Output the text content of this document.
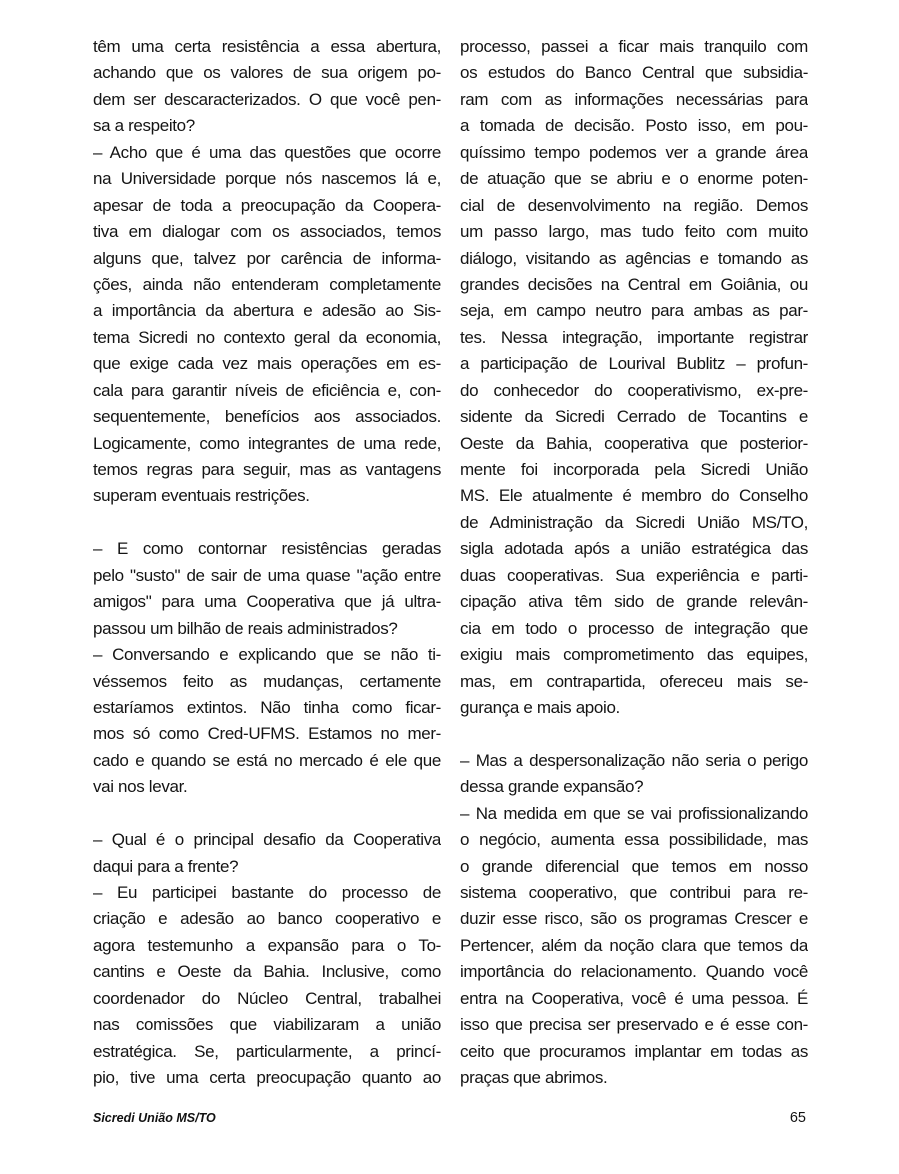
têm uma certa resistência a essa abertura,
achando que os valores de sua origem po-
dem ser descaracterizados. O que você pen-
sa a respeito?
– Acho que é uma das questões que ocorre
na Universidade porque nós nascemos lá e,
apesar de toda a preocupação da Coopera-
tiva em dialogar com os associados, temos
alguns que, talvez por carência de informa-
ções, ainda não entenderam completamente
a importância da abertura e adesão ao Sis-
tema Sicredi no contexto geral da economia,
que exige cada vez mais operações em es-
cala para garantir níveis de eficiência e, con-
sequentemente, benefícios aos associados.
Logicamente, como integrantes de uma rede,
temos regras para seguir, mas as vantagens
superam eventuais restrições.
– E como contornar resistências geradas
pelo "susto" de sair de uma quase "ação entre
amigos" para uma Cooperativa que já ultra-
passou um bilhão de reais administrados?
– Conversando e explicando que se não ti-
véssemos feito as mudanças, certamente
estaríamos extintos. Não tinha como ficar-
mos só como Cred-UFMS. Estamos no mer-
cado e quando se está no mercado é ele que
vai nos levar.
– Qual é o principal desafio da Cooperativa
daqui para a frente?
– Eu participei bastante do processo de
criação e adesão ao banco cooperativo e
agora testemunho a expansão para o To-
cantins e Oeste da Bahia. Inclusive, como
coordenador do Núcleo Central, trabalhei
nas comissões que viabilizaram a união
estratégica. Se, particularmente, a princí-
pio, tive uma certa preocupação quanto ao
processo, passei a ficar mais tranquilo com
os estudos do Banco Central que subsidia-
ram com as informações necessárias para
a tomada de decisão. Posto isso, em pou-
quíssimo tempo podemos ver a grande área
de atuação que se abriu e o enorme poten-
cial de desenvolvimento na região. Demos
um passo largo, mas tudo feito com muito
diálogo, visitando as agências e tomando as
grandes decisões na Central em Goiânia, ou
seja, em campo neutro para ambas as par-
tes. Nessa integração, importante registrar
a participação de Lourival Bublitz – profun-
do conhecedor do cooperativismo, ex-pre-
sidente da Sicredi Cerrado de Tocantins e
Oeste da Bahia, cooperativa que posterior-
mente foi incorporada pela Sicredi União
MS. Ele atualmente é membro do Conselho
de Administração da Sicredi União MS/TO,
sigla adotada após a união estratégica das
duas cooperativas. Sua experiência e parti-
cipação ativa têm sido de grande relevân-
cia em todo o processo de integração que
exigiu mais comprometimento das equipes,
mas, em contrapartida, ofereceu mais se-
gurança e mais apoio.
– Mas a despersonalização não seria o perigo
dessa grande expansão?
– Na medida em que se vai profissionalizando
o negócio, aumenta essa possibilidade, mas
o grande diferencial que temos em nosso
sistema cooperativo, que contribui para re-
duzir esse risco, são os programas Crescer e
Pertencer, além da noção clara que temos da
importância do relacionamento. Quando você
entra na Cooperativa, você é uma pessoa. É
isso que precisa ser preservado e é esse con-
ceito que procuramos implantar em todas as
praças que abrimos.
Sicredi União MS/TO	65
